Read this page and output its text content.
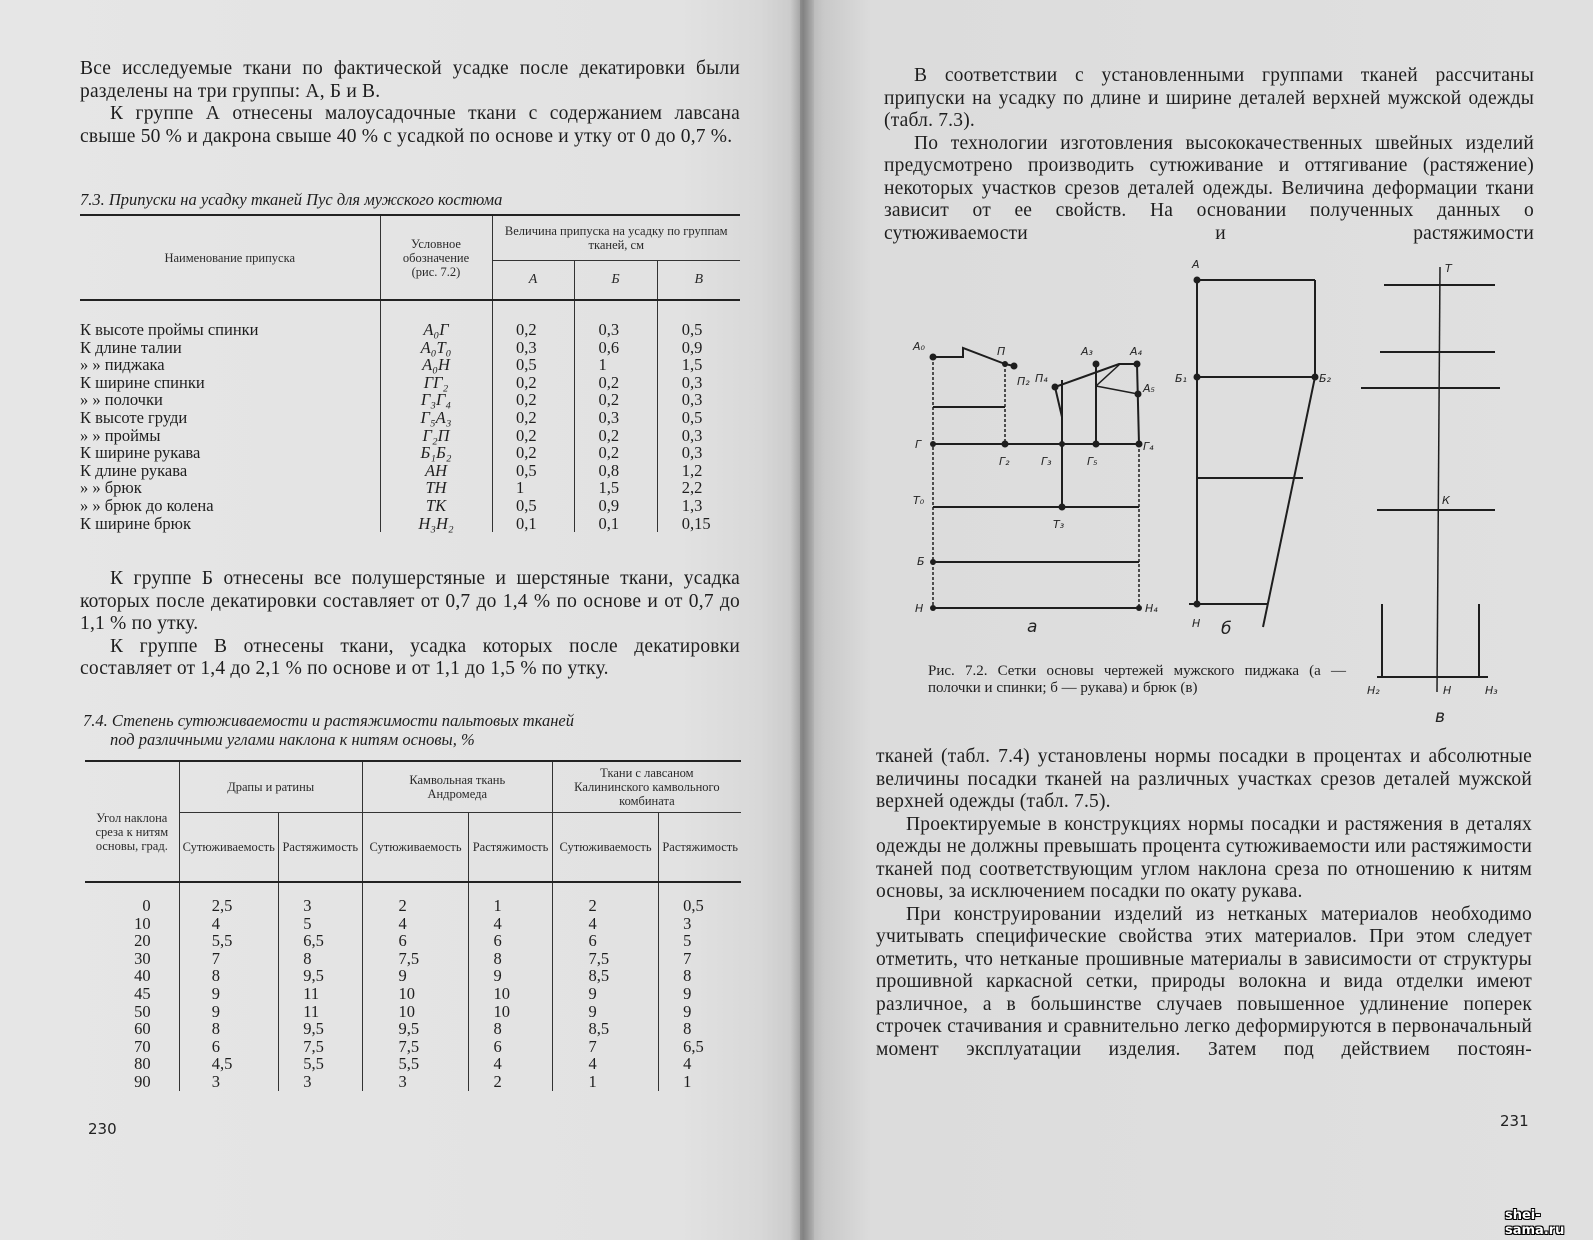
Все исследуемые ткани по фактической усадке после декатировки были разделены на три группы: А, Б и В.

К группе А отнесены малоусадочные ткани с содержанием лавсана свыше 50 % и дакрона свыше 40 % с усадкой по основе и утку от 0 до 0,7 %.

7.3. Припуски на усадку тканей Пус для мужского костюма
Наименование припуска	Условное обозначение (рис. 7.2)	Величина припуска на усадку по группам тканей, см		
		А	Б	В
К высоте проймы спинки	А₀Г	0,2	0,3	0,5
К длине талии	А₀Т₀	0,3	0,6	0,9
» » пиджака	А₀Н	0,5	1	1,5
К ширине спинки	ГГ₂	0,2	0,2	0,3
» » полочки	Г₃Г₄	0,2	0,2	0,3
К высоте груди	Г₅А₃	0,2	0,3	0,5
» » проймы	Г₂П	0,2	0,2	0,3
К ширине рукава	Б₁Б₂	0,2	0,2	0,3
К длине рукава	АН	0,5	0,8	1,2
» » брюк	ТН	1	1,5	2,2
» » брюк до колена	ТК	0,5	0,9	1,3
К ширине брюк	Н₃Н₂	0,1	0,1	0,15

К группе Б отнесены все полушерстяные и шерстяные ткани, усадка которых после декатировки составляет от 0,7 до 1,4 % по основе и от 0,7 до 1,1 % по утку.

К группе В отнесены ткани, усадка которых после декатировки составляет от 1,4 до 2,1 % по основе и от 1,1 до 1,5 % по утку.

7.4. Степень сутюживаемости и растяжимости пальтовых тканей
под различными углами наклона к нитям основы, %
Угол наклона среза к нитям основы, град.	Драпы и ратины		Камвольная ткань Андромеда		Ткани с лавсаном Калининского камвольного комбината	
	Сутюживаемость	Растяжимость	Сутюживаемость	Растяжимость	Сутюживаемость	Растяжимость
0	2,5	3	2	1	2	0,5
10	4	5	4	4	4	3
20	5,5	6,5	6	6	6	5
30	7	8	7,5	8	7,5	7
40	8	9,5	9	9	8,5	8
45	9	11	10	10	9	9
50	9	11	10	10	9	9
60	8	9,5	9,5	8	8,5	8
70	6	7,5	7,5	6	7	6,5
80	4,5	5,5	5,5	4	4	4
90	3	3	3	2	1	1
230

В соответствии с установленными группами тканей рассчитаны припуски на усадку по длине и ширине деталей верхней мужской одежды (табл. 7.3).

По технологии изготовления высококачественных швейных изделий предусмотрено производить сутюживание и оттягивание (растяжение) некоторых участков срезов деталей одежды. Величина деформации ткани зависит от ее свойств. На основании полученных данных о сутюживаемости и растяжимости

А₀	П
П₂ П₄
А₃	А₄
А₅
Г
Г₂	Г₃	Г₅
Г₄
Т₀
Т₃
Б
Н	Н₄
А
Б₁	Б₂
Н
Т
К
Н₂	Н	Н₃
а	б
в
Рис. 7.2. Сетки основы чертежей мужского пиджака (а — полочки и спинки; б — рукава) и брюк (в)

тканей (табл. 7.4) установлены нормы посадки в процентах и абсолютные величины посадки тканей на различных участках срезов деталей мужской верхней одежды (табл. 7.5).

Проектируемые в конструкциях нормы посадки и растяжения в деталях одежды не должны превышать процента сутюживаемости или растяжимости тканей под соответствующим углом наклона среза по отношению к нитям основы, за исключением посадки по окату рукава.

При конструировании изделий из нетканых материалов необходимо учитывать специфические свойства этих материалов. При этом следует отметить, что нетканые прошивные материалы в зависимости от структуры прошивной каркасной сетки, природы волокна и вида отделки имеют различное, а в большинстве случаев повышенное удлинение поперек строчек стачивания и сравнительно легко деформируются в первоначальный момент эксплуатации изделия. Затем под действием постоян-

231
shei-sama.ru
